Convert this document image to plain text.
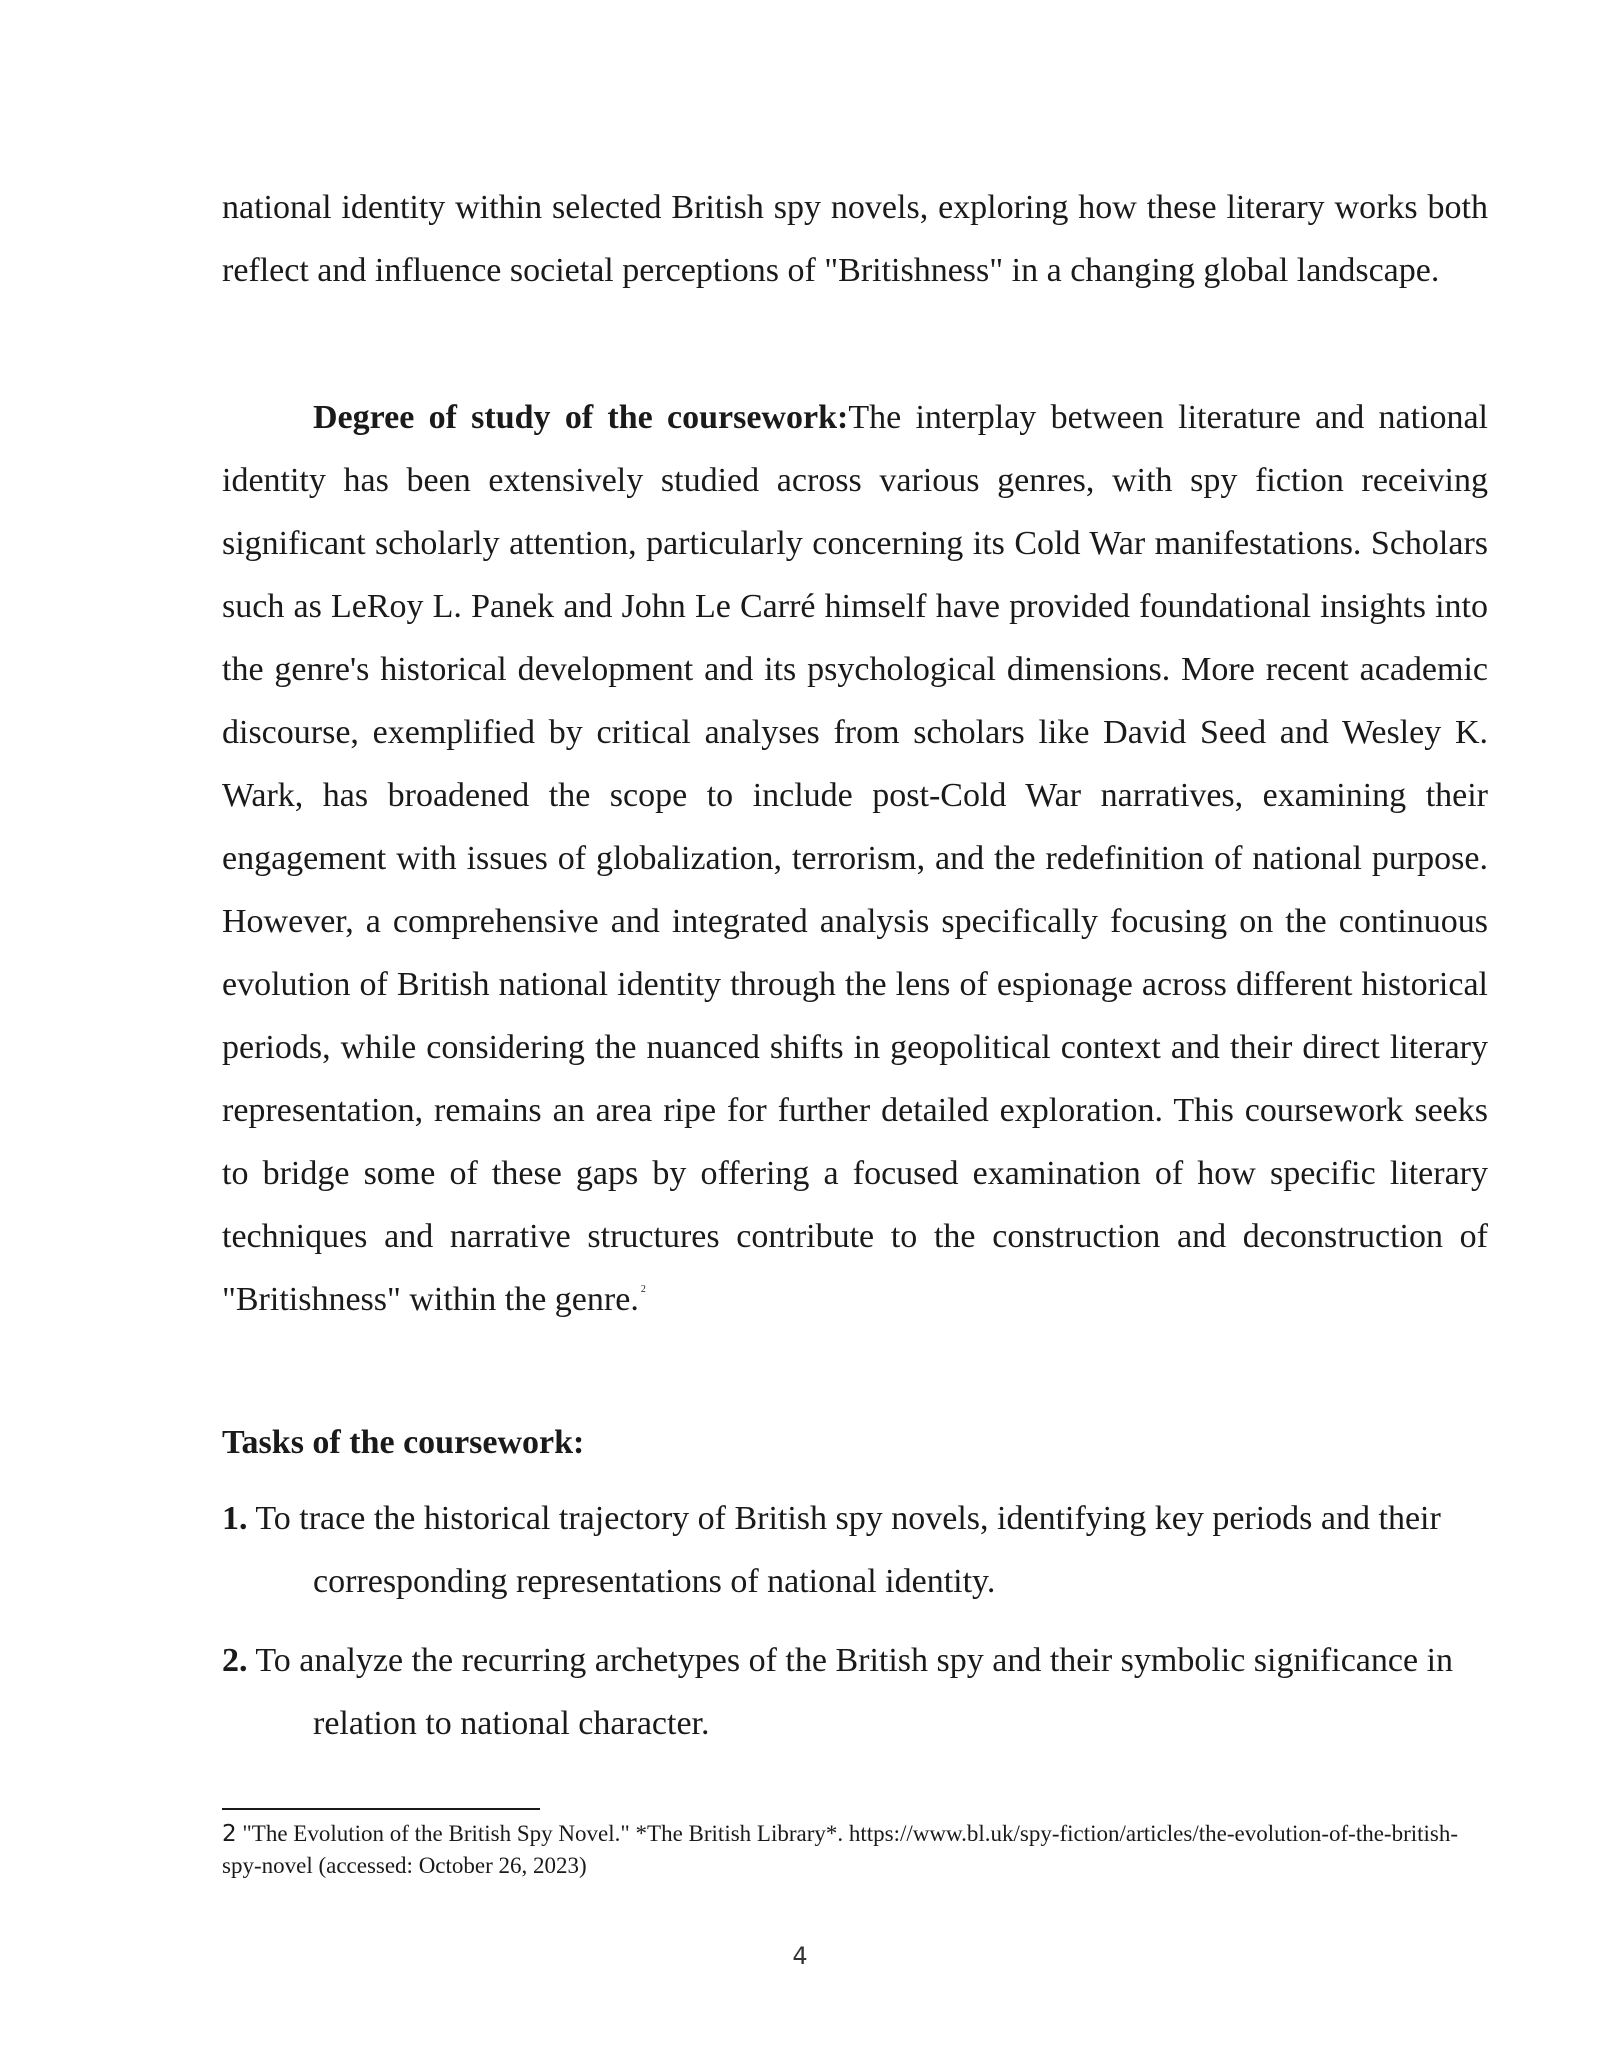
national identity within selected British spy novels, exploring how these literary works both reflect and influence societal perceptions of "Britishness" in a changing global landscape.

Degree of study of the coursework:The interplay between literature and national identity has been extensively studied across various genres, with spy fiction receiving significant scholarly attention, particularly concerning its Cold War manifestations. Scholars such as LeRoy L. Panek and John Le Carré himself have provided foundational insights into the genre's historical development and its psychological dimensions. More recent academic discourse, exemplified by critical analyses from scholars like David Seed and Wesley K. Wark, has broadened the scope to include post-Cold War narratives, examining their engagement with issues of globalization, terrorism, and the redefinition of national purpose. However, a comprehensive and integrated analysis specifically focusing on the continuous evolution of British national identity through the lens of espionage across different historical periods, while considering the nuanced shifts in geopolitical context and their direct literary representation, remains an area ripe for further detailed exploration. This coursework seeks to bridge some of these gaps by offering a focused examination of how specific literary techniques and narrative structures contribute to the construction and deconstruction of "Britishness" within the genre. $^2$

Tasks of the coursework:
1. To trace the historical trajectory of British spy novels, identifying key periods and their corresponding representations of national identity.
2. To analyze the recurring archetypes of the British spy and their symbolic significance in relation to national character.

2 "The Evolution of the British Spy Novel." *The British Library*. https://www.bl.uk/spy-fiction/articles/the-evolution-of-the-british-spy-novel (accessed: October 26, 2023)

4
